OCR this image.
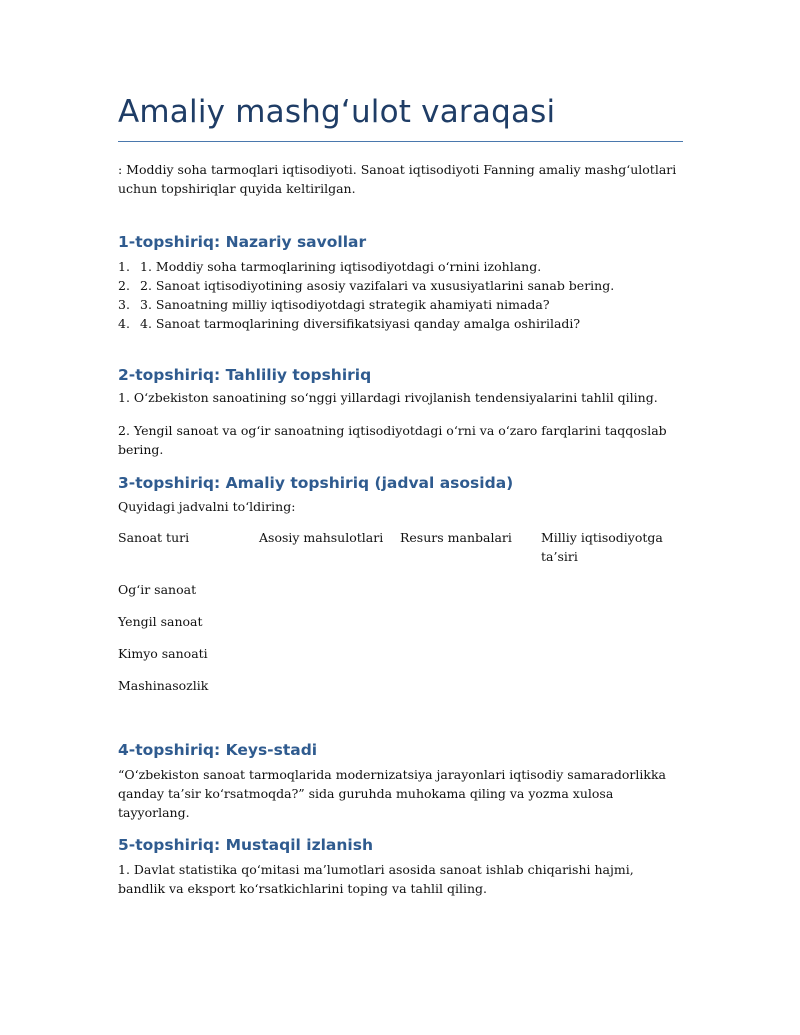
Amaliy mashg‘ulot varaqasi

: Moddiy soha tarmoqlari iqtisodiyoti. Sanoat iqtisodiyoti Fanning amaliy mashg‘ulotlari uchun topshiriqlar quyida keltirilgan.

1-topshiriq: Nazariy savollar
1. 1. Moddiy soha tarmoqlarining iqtisodiyotdagi o‘rnini izohlang.
2. 2. Sanoat iqtisodiyotining asosiy vazifalari va xususiyatlarini sanab bering.
3. 3. Sanoatning milliy iqtisodiyotdagi strategik ahamiyati nimada?
4. 4. Sanoat tarmoqlarining diversifikatsiyasi qanday amalga oshiriladi?
2-topshiriq: Tahliliy topshiriq

1. O‘zbekiston sanoatining so‘nggi yillardagi rivojlanish tendensiyalarini tahlil qiling.

2. Yengil sanoat va og‘ir sanoatning iqtisodiyotdagi o‘rni va o‘zaro farqlarini taqqoslab bering.

3-topshiriq: Amaliy topshiriq (jadval asosida)

Quyidagi jadvalni to‘ldiring:

Sanoat turi	Asosiy mahsulotlari	Resurs manbalari	Milliy iqtisodiyotga ta’siri
Og‘ir sanoat
Yengil sanoat
Kimyo sanoati
Mashinasozlik
4-topshiriq: Keys-stadi

“O‘zbekiston sanoat tarmoqlarida modernizatsiya jarayonlari iqtisodiy samaradorlikka qanday ta’sir ko‘rsatmoqda?” sida guruhda muhokama qiling va yozma xulosa tayyorlang.

5-topshiriq: Mustaqil izlanish

1. Davlat statistika qo‘mitasi ma’lumotlari asosida sanoat ishlab chiqarishi hajmi, bandlik va eksport ko‘rsatkichlarini toping va tahlil qiling.
